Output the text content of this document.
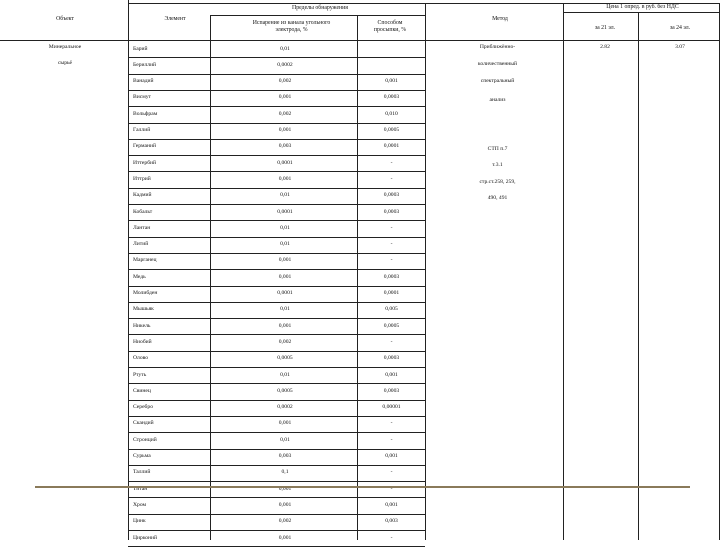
Объект	Элемент
Пределы обнаружения
Испарение из канала угольного электрода, %
Способом просыпки, %
Метод
Цена 1 опред. в руб. без НДС
за 21 эл.	за 24 эл.
Минеральное
сырьё
Приближённо-
количественный
спектральный
анализ
СТП п.7
т.3.1
стр.ст.258, 259,
490, 491
2.82	3.07
Барий	0,01
Бериллий	0,0002
Ванадий	0,002	0,001
Висмут	0,001	0,0003
Вольфрам	0,002	0,010
Галлий	0,001	0,0005
Германий	0,003	0,0001
Иттербий	0,0001	-
Иттрий	0,001	-
Кадмий	0,01	0,0003
Кобальт	0,0001	0,0003
Лантан	0,01	-
Литий	0,01	-
Марганец	0,001	-
Медь	0,001	0,0003
Молибден	0,0001	0,0001
Мышьяк	0,01	0,005
Никель	0,001	0,0005
Ниобий	0,002	-
Олово	0,0005	0,0003
Ртуть	0,01	0,001
Свинец	0,0005	0,0003
Серебро	0,0002	0,00001
Скандий	0,001	-
Стронций	0,01	-
Сурьма	0,003	0,001
Таллий	0,1	-
Титан	0,001	-
Хром	0,001	0,001
Цинк	0,002	0,003
Цирконий	0,001	-
